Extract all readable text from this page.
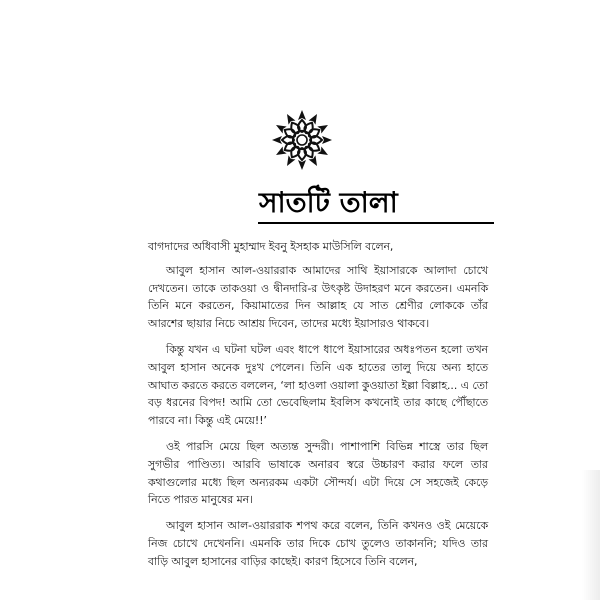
সাতটি তালা

বাগদাদের অধিবাসী মুহাম্মাদ ইবনু ইসহাক মাউসিলি বলেন,

আবুল হাসান আল-ওয়াররাক আমাদের সাথি ইয়াসারকে আলাদা চোখে দেখতেন। তাকে তাকওয়া ও দ্বীনদারি-র উৎকৃষ্ট উদাহরণ মনে করতেন। এমনকি তিনি মনে করতেন, কিয়ামাতের দিন আল্লাহ যে সাত শ্রেণীর লোককে তাঁর আরশের ছায়ার নিচে আশ্রয় দিবেন, তাদের মধ্যে ইয়াসারও থাকবে।

কিন্তু যখন এ ঘটনা ঘটল এবং ধাপে ধাপে ইয়াসারের অধঃপতন হলো তখন আবুল হাসান অনেক দুঃখ পেলেন। তিনি এক হাতের তালু দিয়ে অন্য হাতে আঘাত করতে করতে বললেন, ‘লা হাওলা ওয়ালা কুওয়াতা ইল্লা বিল্লাহ... এ তো বড় ধরনের বিপদ! আমি তো ভেবেছিলাম ইবলিস কখনোই তার কাছে পৌঁছাতে পারবে না। কিন্তু এই মেয়ে!!’

ওই পারসি মেয়ে ছিল অত্যন্ত সুন্দরী। পাশাপাশি বিভিন্ন শাস্ত্রে তার ছিল সুগভীর পাণ্ডিত্য। আরবি ভাষাকে অনারব স্বরে উচ্চারণ করার ফলে তার কথাগুলোর মধ্যে ছিল অন্যরকম একটা সৌন্দর্য। এটা দিয়ে সে সহজেই কেড়ে নিতে পারত মানুষের মন।

আবুল হাসান আল-ওয়াররাক শপথ করে বলেন, তিনি কখনও ওই মেয়েকে নিজ চোখে দেখেননি। এমনকি তার দিকে চোখ তুলেও তাকাননি; যদিও তার বাড়ি আবুল হাসানের বাড়ির কাছেই। কারণ হিসেবে তিনি বলেন,
